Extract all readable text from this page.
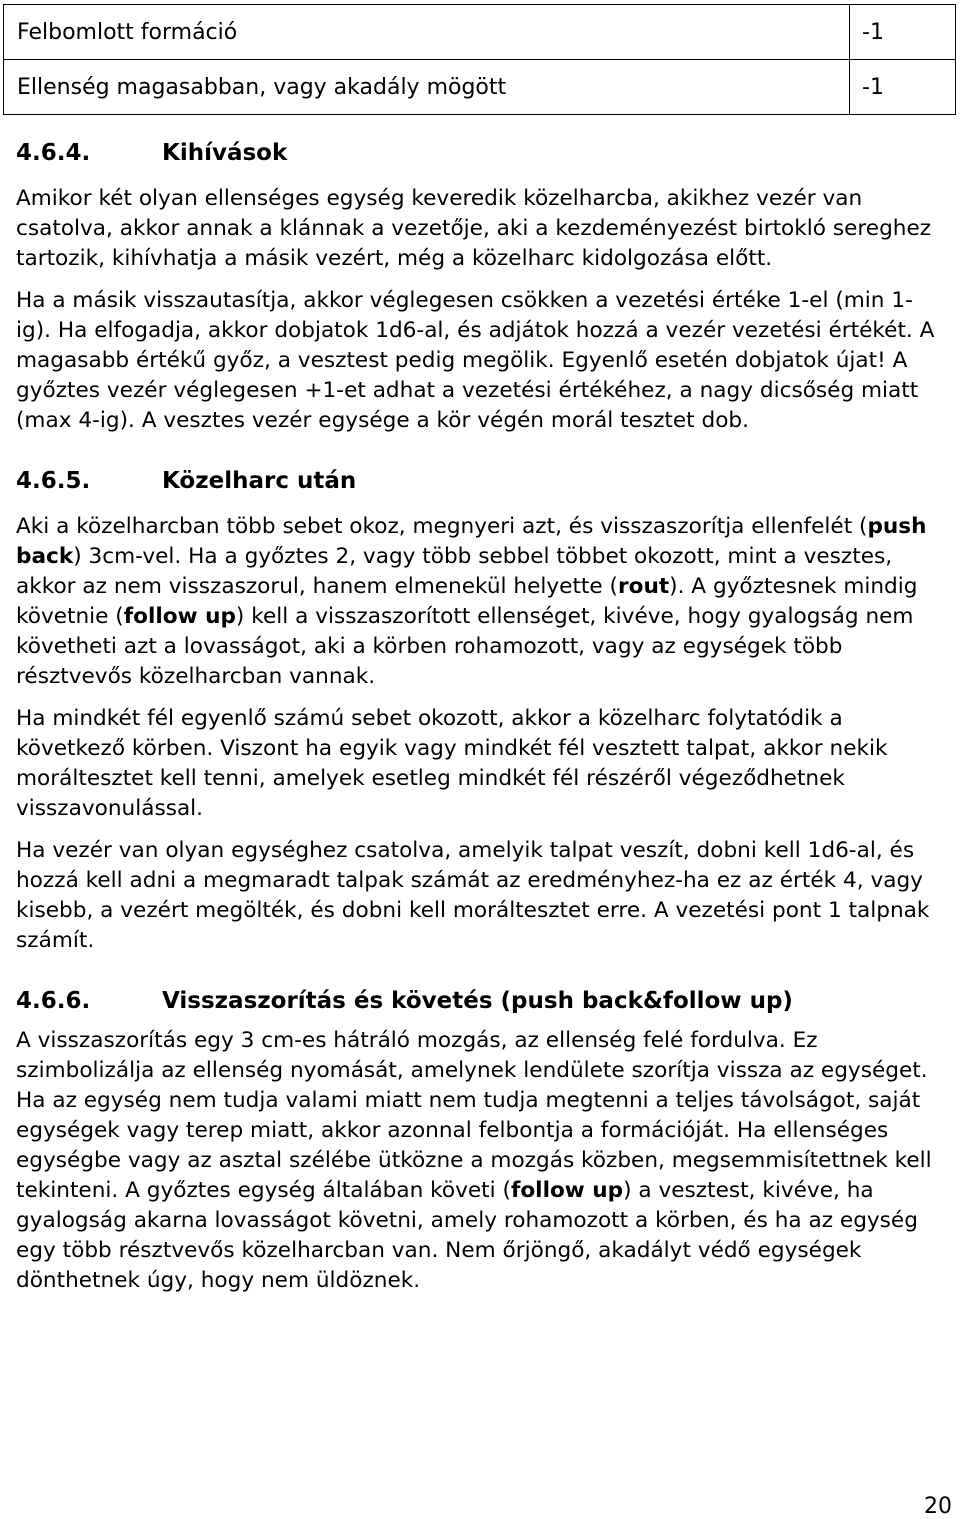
Felbomlott formáció	-1
Ellenség magasabban, vagy akadály mögött	-1
4.6.4.	Kihívások

Amikor két olyan ellenséges egység keveredik közelharcba, akikhez vezér van csatolva, akkor annak a klánnak a vezetője, aki a kezdeményezést birtokló sereghez tartozik, kihívhatja a másik vezért, még a közelharc kidolgozása előtt.

Ha a másik visszautasítja, akkor véglegesen csökken a vezetési értéke 1-el (min 1-ig). Ha elfogadja, akkor dobjatok 1d6-al, és adjátok hozzá a vezér vezetési értékét. A magasabb értékű győz, a vesztest pedig megölik. Egyenlő esetén dobjatok újat! A győztes vezér véglegesen +1-et adhat a vezetési értékéhez, a nagy dicsőség miatt (max 4-ig). A vesztes vezér egysége a kör végén morál tesztet dob.

4.6.5.	Közelharc után

Aki a közelharcban több sebet okoz, megnyeri azt, és visszaszorítja ellenfelét (push back) 3cm-vel. Ha a győztes 2, vagy több sebbel többet okozott, mint a vesztes, akkor az nem visszaszorul, hanem elmenekül helyette (rout). A győztesnek mindig követnie (follow up) kell a visszaszorított ellenséget, kivéve, hogy gyalogság nem követheti azt a lovasságot, aki a körben rohamozott, vagy az egységek több résztvevős közelharcban vannak.

Ha mindkét fél egyenlő számú sebet okozott, akkor a közelharc folytatódik a következő körben. Viszont ha egyik vagy mindkét fél vesztett talpat, akkor nekik moráltesztet kell tenni, amelyek esetleg mindkét fél részéről végeződhetnek visszavonulással.

Ha vezér van olyan egységhez csatolva, amelyik talpat veszít, dobni kell 1d6-al, és hozzá kell adni a megmaradt talpak számát az eredményhez-ha ez az érték 4, vagy kisebb, a vezért megölték, és dobni kell moráltesztet erre. A vezetési pont 1 talpnak számít.

4.6.6.	Visszaszorítás és követés (push back&follow up)

A visszaszorítás egy 3 cm-es hátráló mozgás, az ellenség felé fordulva. Ez szimbolizálja az ellenség nyomását, amelynek lendülete szorítja vissza az egységet. Ha az egység nem tudja valami miatt nem tudja megtenni a teljes távolságot, saját egységek vagy terep miatt, akkor azonnal felbontja a formációját. Ha ellenséges egységbe vagy az asztal szélébe ütközne a mozgás közben, megsemmisítettnek kell tekinteni. A győztes egység általában követi (follow up) a vesztest, kivéve, ha gyalogság akarna lovasságot követni, amely rohamozott a körben, és ha az egység egy több résztvevős közelharcban van. Nem őrjöngő, akadályt védő egységek dönthetnek úgy, hogy nem üldöznek.

20
